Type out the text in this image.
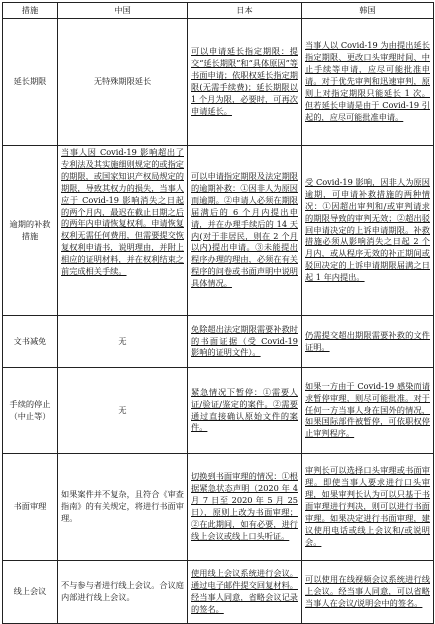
措施	中国	日本	韩国
延长期限	无特殊期限延长	可以申请延长指定期限：提交“延长期限”和“具体原因”等书面申请；依职权延长指定期限(无需手续费)；延长期限以 1 个月为限，必要时，可再次申请延长。	当事人以 Covid-19 为由提出延长指定期限、更改口头审理时间、中止手续等申请，应尽可能批准申请。对于优先审判和迅速审判，原则上对指定期限只能延长 1 次。但若延长申请是由于 Covid-19 引起的，应尽可能批准申请。
逾期的补救措施	当事人因 Covid-19 影响超出了专利法及其实施细则规定的或指定的期限，或国家知识产权局规定的期限，导致其权力的损失，当事人应于 Covid-19 影响消失之日起的两个月内，最迟在截止日期之后的两年内申请恢复权利。申请恢复权利无需任何费用，但需要提交恢复权利申请书，说明理由，并附上相应的证明材料，并在权利结束之前完成相关手续。	可以申请指定期限及法定期限的逾期补救：①因非人为原因而逾期。②申请人必须在期限届满后的 6 个月内提出申请，并在办理手续后的 14 天内(对于非居民，则在 2 个月以内)提出申请。③未能提出程序办理的理由，必须在有关程序的问卷或书面声明中说明具体情况。	受 Covid-19 影响，因非人为原因逾期，可申请补救措施的两种情况：①因超出审判和/或审判请求的期限导致的审判无效；②超出驳回申请决定的上诉申请期限。补救措施必须从影响消失之日起 2 个月内，或从程序无效的补正期间或驳回决定的上诉申请期限届满之日起 1 年内提出。
文书减免	无	免除超出法定期限需要补救时的书面证据（受 Covid-19 影响的证明文件）。	仍需提交超出期限需要补救的文件证明。
手续的停止（中止等）	无	紧急情况下暂停：①需要人证/验证/鉴定的案件。②需要通过直接确认原始文件的案件。	如果一方由于 Covid-19 感染而请求暂停审理，则尽可能批准。对于任何一方当事人身在国外的情况，如果国际部件被暂停，可依职权停止审判程序。
书面审理	如果案件并不复杂，且符合《审查指南》的有关规定，将进行书面审理。	切换到书面审理的情况：①根据紧急状态声明（2020 年 4 月 7 日至 2020 年 5 月 25 日），原则上改为书面审理；②在此期间，如有必要，进行线上会议或线上口头听证。	审判长可以选择口头审理或书面审理。即使当事人要求进行口头审理，如果审判长认为可以只基于书面审理进行判决，则可以进行书面审理。如果决定进行书面审理，建议使用电话或线上会议和/或说明会。
线上会议	不与参与者进行线上会议。合议庭内部进行线上会议。	使用线上会议系统进行会议。通过电子邮件提交回复材料。经当事人同意，省略会议记录的签名。	可以使用在线视频会议系统进行线上会议。经当事人同意，可以省略当事人在会议/说明会中的签名。
